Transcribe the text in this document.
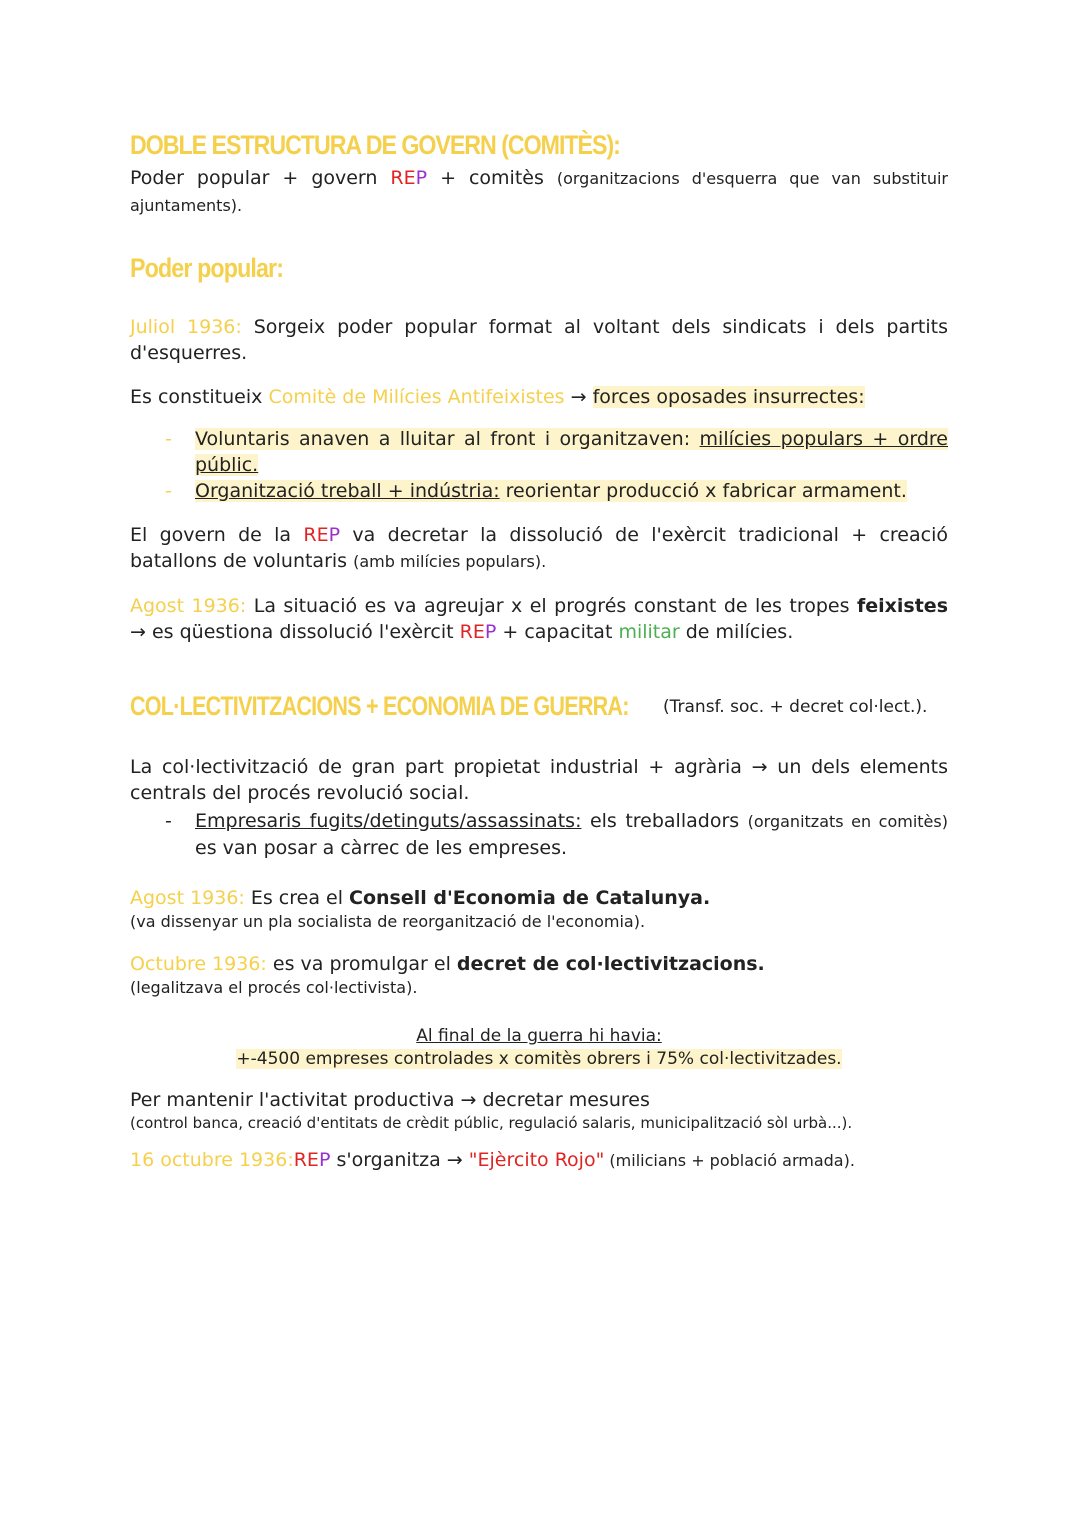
DOBLE ESTRUCTURA DE GOVERN (COMITÈS):

Poder popular + govern REP + comitès (organitzacions d'esquerra que van substituir ajuntaments).

Poder popular:

Juliol 1936: Sorgeix poder popular format al voltant dels sindicats i dels partits d'esquerres.

Es constitueix Comitè de Milícies Antifeixistes → forces oposades insurrectes:

- Voluntaris anaven a lluitar al front i organitzaven: milícies populars + ordre públic.
- Organització treball + indústria: reorientar producció x fabricar armament.

El govern de la REP va decretar la dissolució de l'exèrcit tradicional + creació batallons de voluntaris (amb milícies populars).

Agost 1936: La situació es va agreujar x el progrés constant de les tropes feixistes → es qüestiona dissolució l'exèrcit REP + capacitat militar de milícies.

COL·LECTIVITZACIONS + ECONOMIA DE GUERRA: (Transf. soc. + decret col·lect.).

La col·lectivització de gran part propietat industrial + agrària → un dels elements centrals del procés revolució social.

- Empresaris fugits/detinguts/assassinats: els treballadors (organitzats en comitès) es van posar a càrrec de les empreses.

Agost 1936: Es crea el Consell d'Economia de Catalunya.

(va dissenyar un pla socialista de reorganització de l'economia).

Octubre 1936: es va promulgar el decret de col·lectivitzacions.

(legalitzava el procés col·lectivista).

Al final de la guerra hi havia:
+-4500 empreses controlades x comitès obrers i 75% col·lectivitzades.

Per mantenir l'activitat productiva → decretar mesures

(control banca, creació d'entitats de crèdit públic, regulació salaris, municipalització sòl urbà...).

16 octubre 1936:REP s'organitza → "Ejèrcito Rojo" (milicians + població armada).
